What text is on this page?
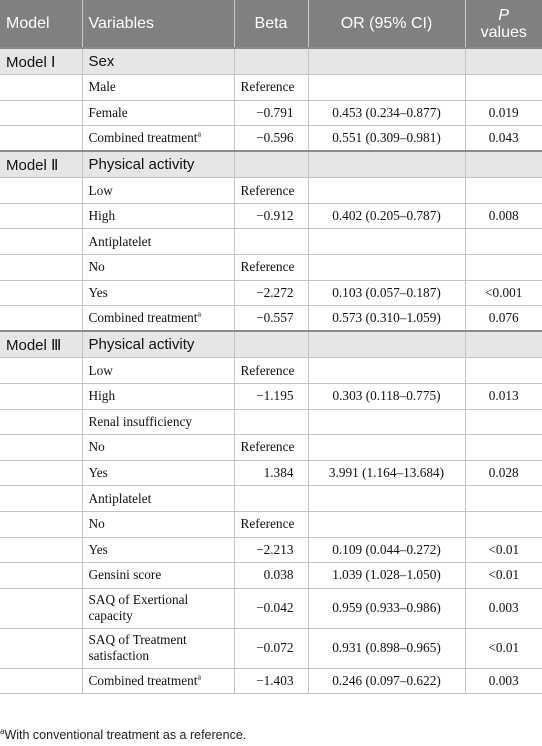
Model	Variables	Beta	OR (95% CI)	P
values

Model Ⅰ	Sex			
	Male	Reference		
	Female	−0.791	0.453 (0.234–0.877)	0.019
	Combined treatment$^a$	−0.596	0.551 (0.309–0.981)	0.043
Model Ⅱ	Physical activity			
	Low	Reference		
	High	−0.912	0.402 (0.205–0.787)	0.008
	Antiplatelet			
	No	Reference		
	Yes	−2.272	0.103 (0.057–0.187)	<0.001
	Combined treatment$^a$	−0.557	0.573 (0.310–1.059)	0.076
Model Ⅲ	Physical activity			
	Low	Reference		
	High	−1.195	0.303 (0.118–0.775)	0.013
	Renal insufficiency			
	No	Reference		
	Yes	1.384	3.991 (1.164–13.684)	0.028
	Antiplatelet			
	No	Reference		
	Yes	−2.213	0.109 (0.044–0.272)	<0.01
	Gensini score	0.038	1.039 (1.028–1.050)	<0.01
	SAQ of Exertional capacity	−0.042	0.959 (0.933–0.986)	0.003
	SAQ of Treatment satisfaction	−0.072	0.931 (0.898–0.965)	<0.01
	Combined treatment$^a$	−1.403	0.246 (0.097–0.622)	0.003
$^a$With conventional treatment as a reference.
